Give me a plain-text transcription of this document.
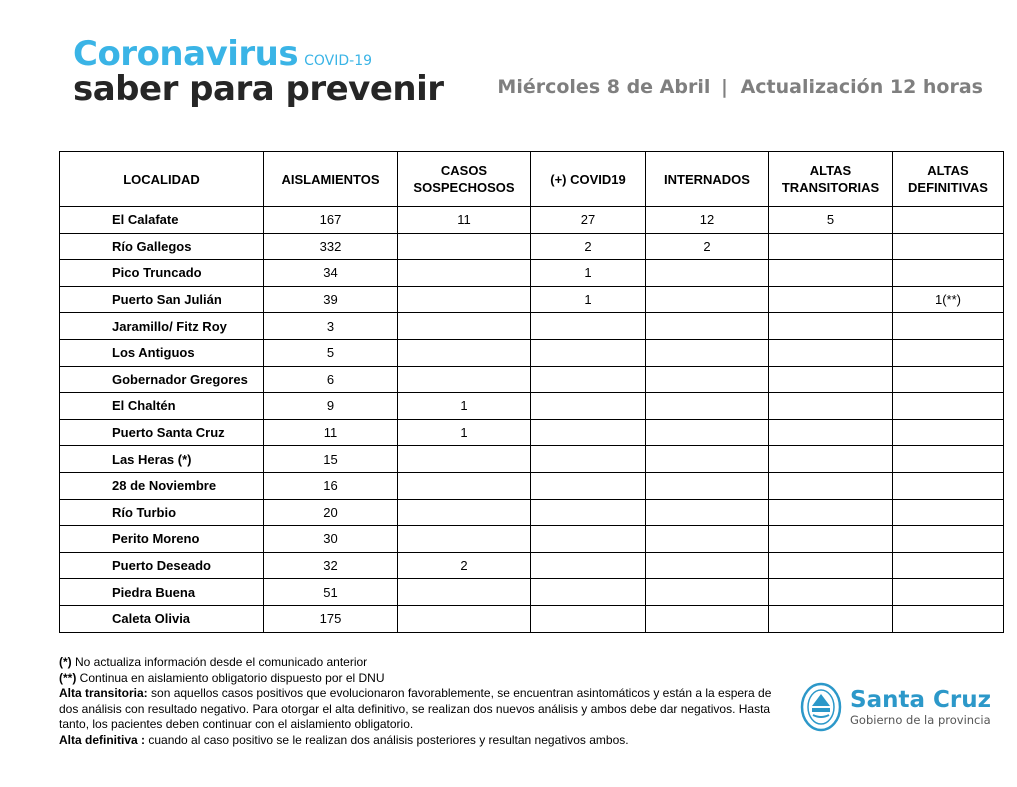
Coronavirus COVID-19
saber para prevenir	Miércoles 8 de Abril | Actualización 12 horas
LOCALIDAD	AISLAMIENTOS	CASOS SOSPECHOSOS	(+) COVID19	INTERNADOS	ALTAS TRANSITORIAS	ALTAS DEFINITIVAS
El Calafate	167	11	27	12	5	
Río Gallegos	332		2	2		
Pico Truncado	34		1			
Puerto San Julián	39		1			1(**)
Jaramillo/ Fitz Roy	3					
Los Antiguos	5					
Gobernador Gregores	6					
El Chaltén	9	1				
Puerto Santa Cruz	11	1				
Las Heras (*)	15					
28 de Noviembre	16					
Río Turbio	20					
Perito Moreno	30					
Puerto Deseado	32	2				
Piedra Buena	51					
Caleta Olivia	175					

(*) No actualiza información desde el comunicado anterior

(**) Continua en aislamiento obligatorio dispuesto por el DNU

Alta transitoria: son aquellos casos positivos que evolucionaron favorablemente, se encuentran asintomáticos y están a la espera de dos análisis con resultado negativo. Para otorgar el alta definitivo, se realizan dos nuevos análisis y ambos debe dar negativos. Hasta tanto, los pacientes deben continuar con el aislamiento obligatorio.

Alta definitiva : cuando al caso positivo se le realizan dos análisis posteriores y resultan negativos ambos.

Santa Cruz
Gobierno de la provincia
